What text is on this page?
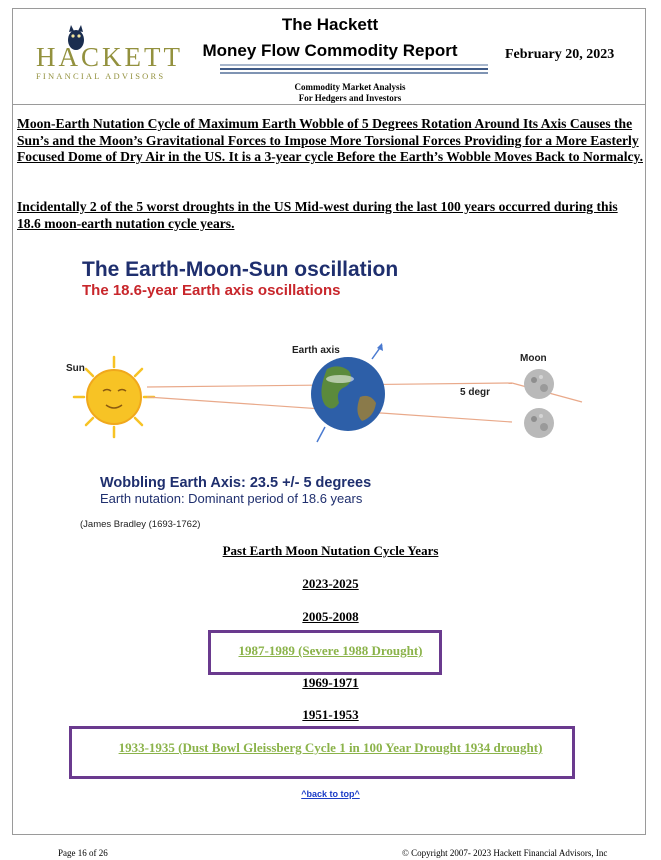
HACKETT
FINANCIAL ADVISORS
The Hackett
Money Flow Commodity Report	February 20, 2023
Commodity Market Analysis
For Hedgers and Investors
Moon-Earth Nutation Cycle of Maximum Earth Wobble of 5 Degrees Rotation Around Its Axis Causes the Sun’s and the Moon’s Gravitational Forces to Impose More Torsional Forces Providing for a More Easterly Focused Dome of Dry Air in the US. It is a 3-year cycle Before the Earth’s Wobble Moves Back to Normalcy.
Incidentally 2 of the 5 worst droughts in the US Mid-west during the last 100 years occurred during this 18.6 moon-earth nutation cycle years.
The Earth-Moon-Sun oscillation
The 18.6-year Earth axis oscillations
Sun
Earth axis
5 degr
Moon
Wobbling Earth Axis: 23.5 +/- 5 degrees
Earth nutation: Dominant period of 18.6 years
(James Bradley (1693-1762)
Past Earth Moon Nutation Cycle Years
2023-2025
2005-2008
1987-1989 (Severe 1988 Drought)
1969-1971
1951-1953
1933-1935 (Dust Bowl Gleissberg Cycle 1 in 100 Year Drought 1934 drought)
^back to top^
Page 16 of 26	© Copyright 2007- 2023 Hackett Financial Advisors, Inc
